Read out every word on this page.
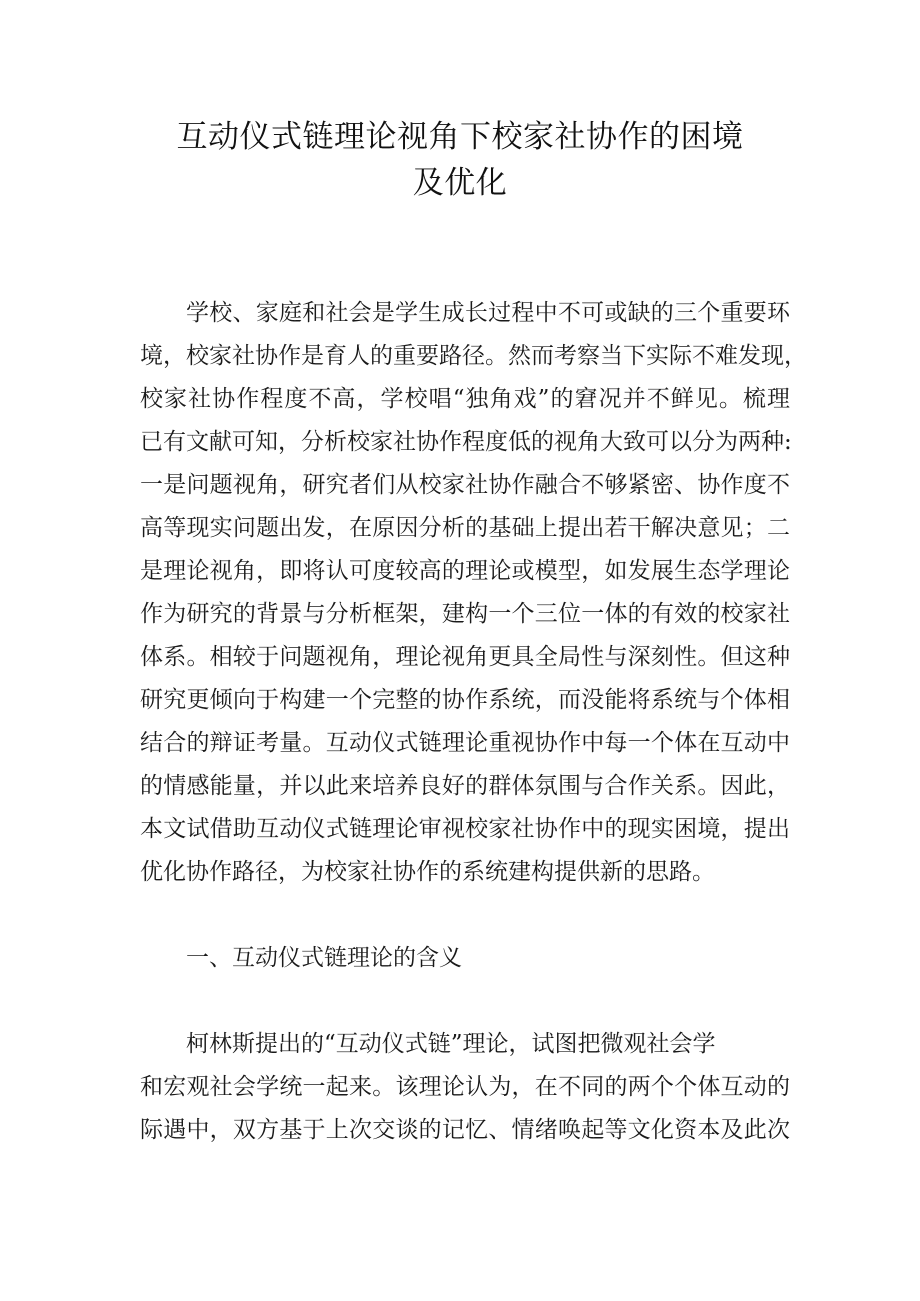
互动仪式链理论视角下校家社协作的困境
及优化
学校、家庭和社会是学生成长过程中不可或缺的三个重要环
境，校家社协作是育人的重要路径。然而考察当下实际不难发现，
校家社协作程度不高，学校唱“独角戏”的窘况并不鲜见。梳理
已有文献可知，分析校家社协作程度低的视角大致可以分为两种:
一是问题视角，研究者们从校家社协作融合不够紧密、协作度不
高等现实问题出发，在原因分析的基础上提出若干解决意见；二
是理论视角，即将认可度较高的理论或模型，如发展生态学理论
作为研究的背景与分析框架，建构一个三位一体的有效的校家社
体系。相较于问题视角，理论视角更具全局性与深刻性。但这种
研究更倾向于构建一个完整的协作系统，而没能将系统与个体相
结合的辩证考量。互动仪式链理论重视协作中每一个体在互动中
的情感能量，并以此来培养良好的群体氛围与合作关系。因此，
本文试借助互动仪式链理论审视校家社协作中的现实困境，提出
优化协作路径，为校家社协作的系统建构提供新的思路。
一、互动仪式链理论的含义
柯林斯提出的“互动仪式链”理论，试图把微观社会学
和宏观社会学统一起来。该理论认为，在不同的两个个体互动的
际遇中，双方基于上次交谈的记忆、情绪唤起等文化资本及此次
